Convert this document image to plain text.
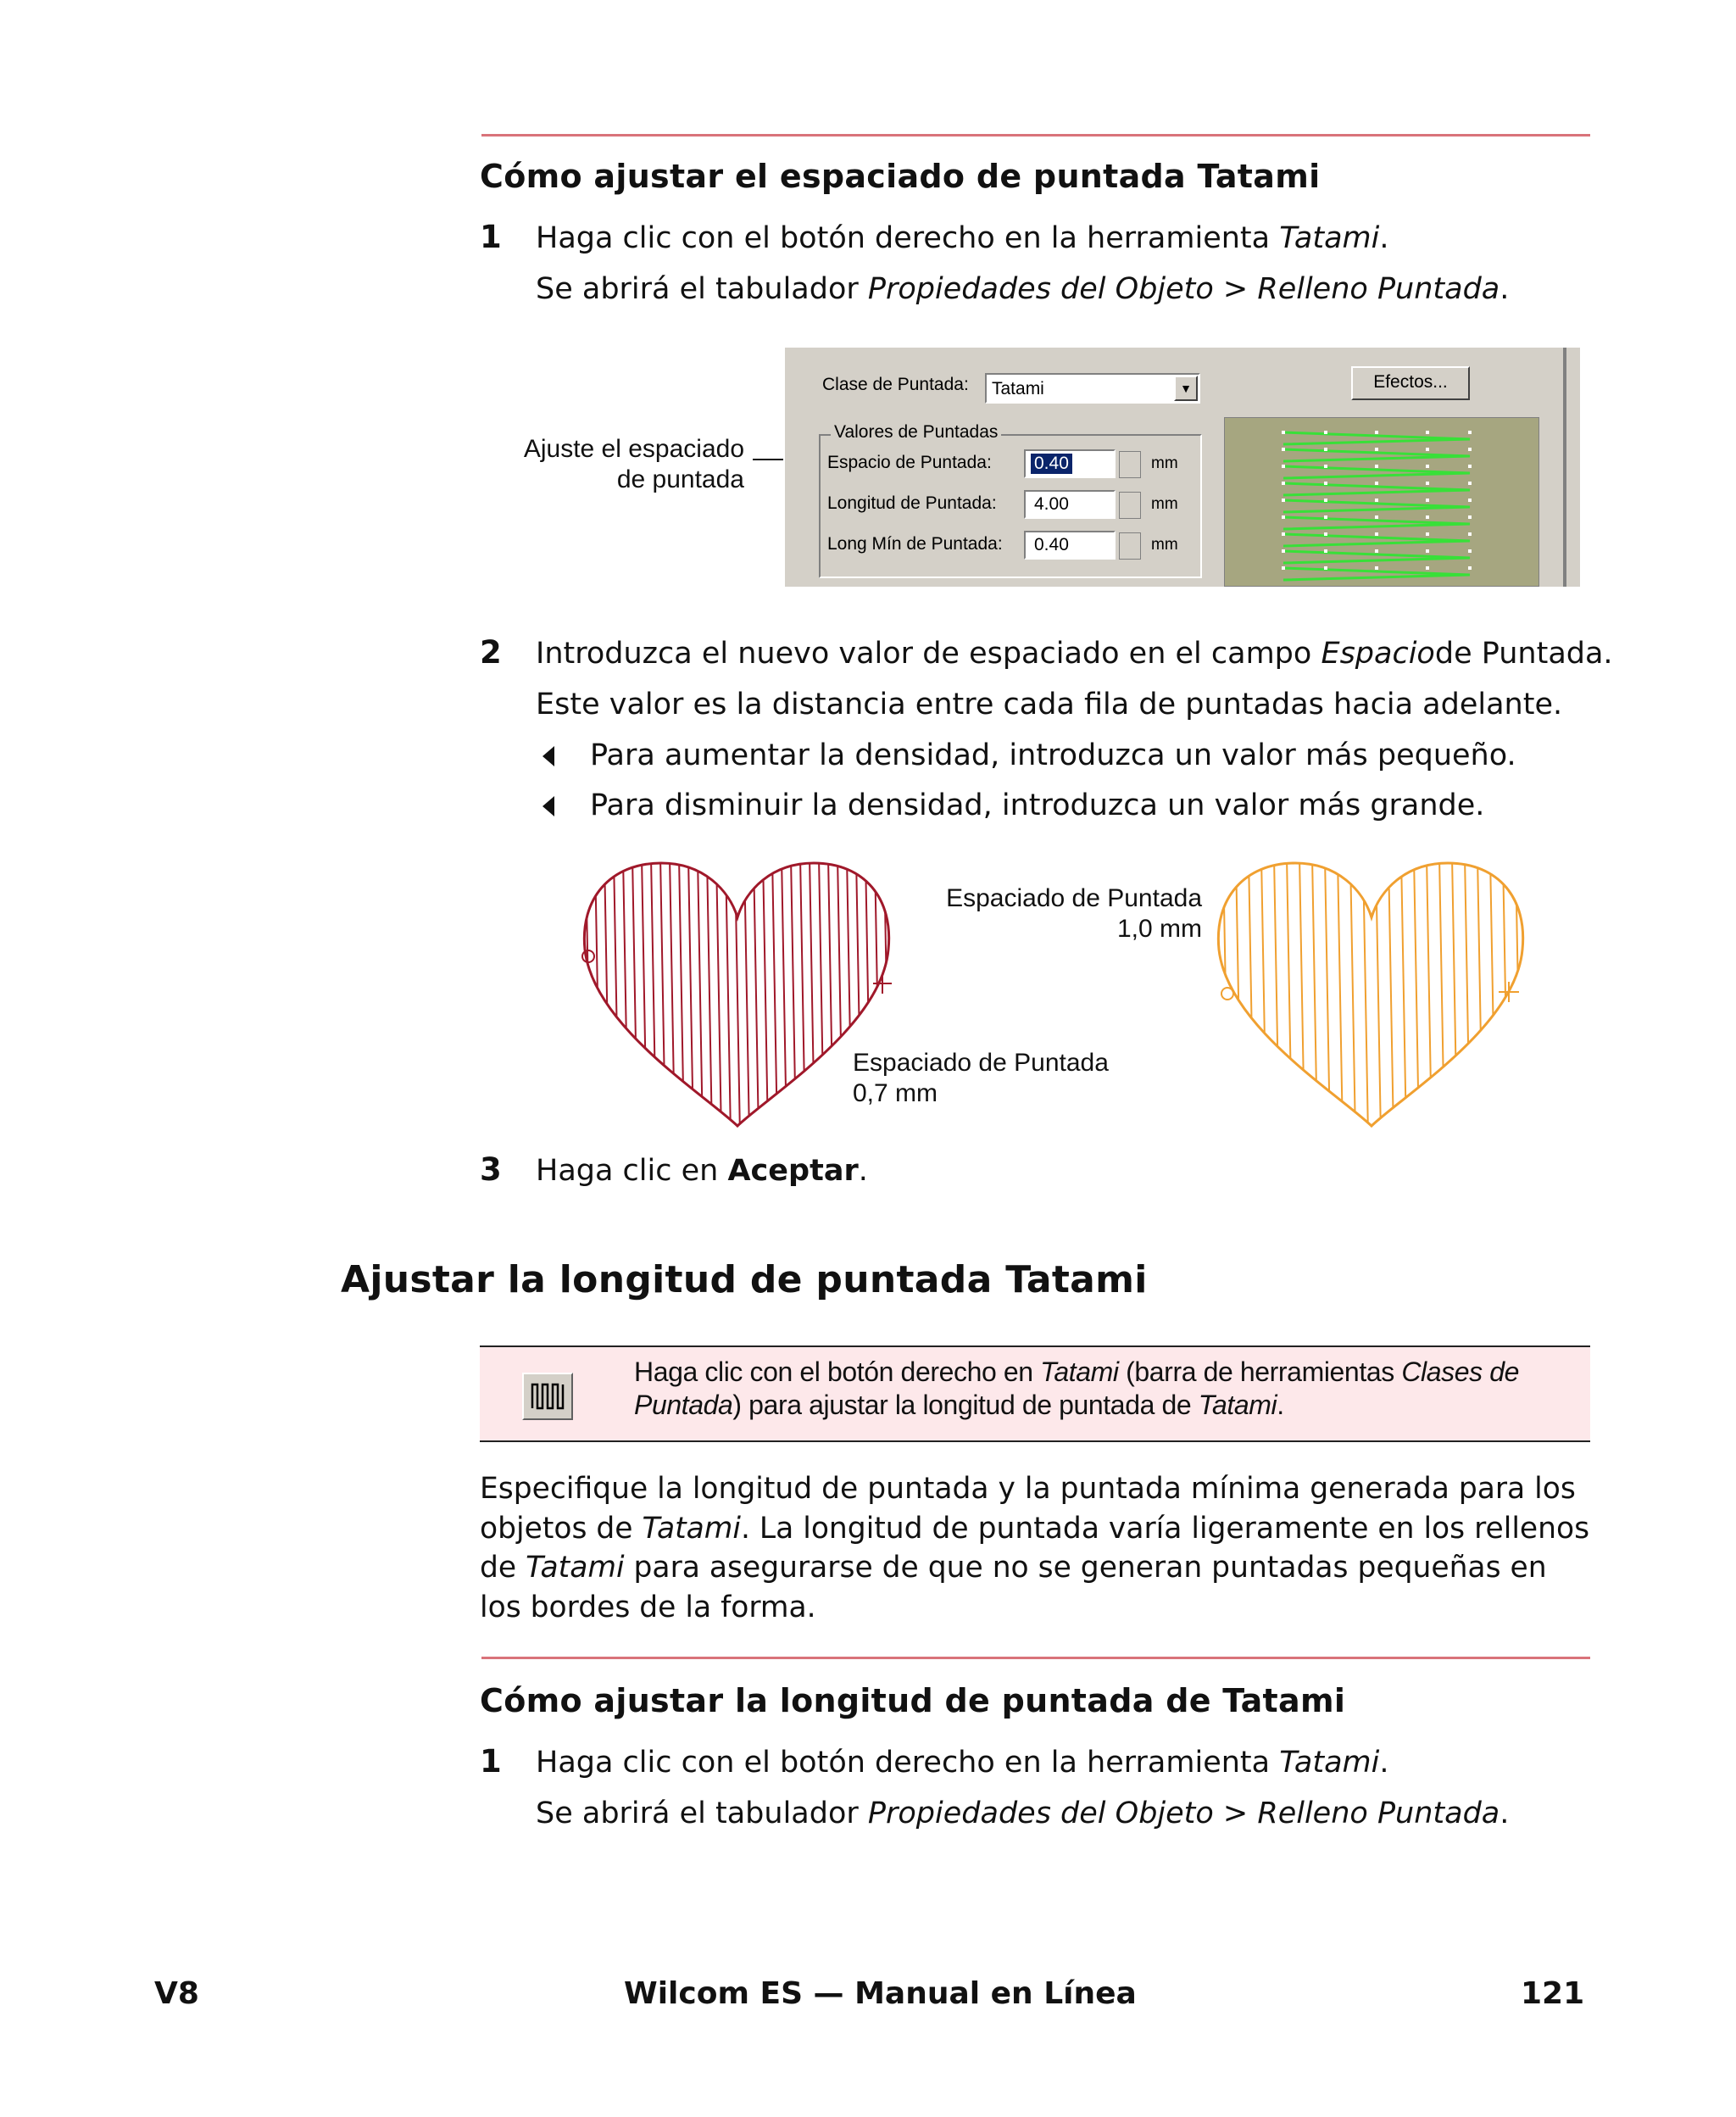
Cómo ajustar el espaciado de puntada Tatami
1 Haga clic con el botón derecho en la herramienta Tatami.
Se abrirá el tabulador Propiedades del Objeto > Relleno Puntada.
Ajuste el espaciado
de puntada
Clase de Puntada: Tatami	▼	Efectos...
Valores de Puntadas
Espacio de Puntada: 0.40	mm
Longitud de Puntada: 4.00	mm
Long Mín de Puntada: 0.40	mm
2 Introduzca el nuevo valor de espaciado en el campo Espaciode Puntada.
Este valor es la distancia entre cada fila de puntadas hacia adelante.
Para aumentar la densidad, introduzca un valor más pequeño.
Para disminuir la densidad, introduzca un valor más grande.
Espaciado de Puntada
1,0 mm
Espaciado de Puntada
0,7 mm
3 Haga clic en Aceptar.
Ajustar la longitud de puntada Tatami
Haga clic con el botón derecho en Tatami (barra de herramientas Clases de Puntada) para ajustar la longitud de puntada de Tatami.
Especifique la longitud de puntada y la puntada mínima generada para los objetos de Tatami. La longitud de puntada varía ligeramente en los rellenos de Tatami para asegurarse de que no se generan puntadas pequeñas en los bordes de la forma.
Cómo ajustar la longitud de puntada de Tatami
1 Haga clic con el botón derecho en la herramienta Tatami.
Se abrirá el tabulador Propiedades del Objeto > Relleno Puntada.
V8	Wilcom ES — Manual en Línea	121
